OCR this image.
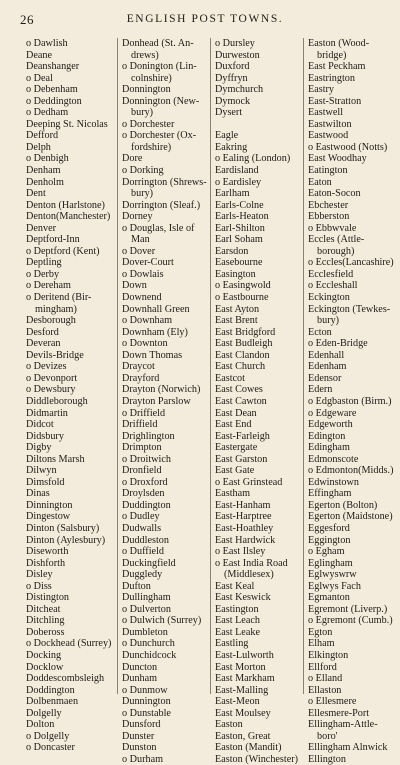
26	ENGLISH POST TOWNS.
o Dawlish
Deane
Deanshanger
o Deal
o Debenham
o Deddington
o Dedham
Deeping St. Nicolas
Defford
Delph
o Denbigh
Denham
Denholm
Dent
Denton (Harlstone)
Denton(Manchester)
Denver
Deptford-Inn
o Deptford (Kent)
Deptling
o Derby
o Dereham
o Deritend (Bir-
mingham)
Desborough
Desford
Deveran
Devils-Bridge
o Devizes
o Devonport
o Dewsbury
Diddleborough
Didmartin
Didcot
Didsbury
Digby
Diltons Marsh
Dilwyn
Dimsfold
Dinas
Dinnington
Dingestow
Dinton (Salsbury)
Dinton (Aylesbury)
Diseworth
Dishforth
Disley
o Diss
Distington
Ditcheat
Ditchling
Dobeross
o Dockhead (Surrey)
Docking
Docklow
Doddescombsleigh
Doddington
Dolbenmaen
Dolgelly
Dolton
o Dolgelly
o Doncaster
Donhead (St. An-
drews)
o Donington (Lin-
colnshire)
Donnington
Donnington (New-
bury)
o Dorchester
o Dorchester (Ox-
fordshire)
Dore
o Dorking
Dorrington (Shrews-
bury)
Dorrington (Sleaf.)
Dorney
o Douglas, Isle of
Man
o Dover
Dover-Court
o Dowlais
Down
Downend
Downhall Green
o Downham
Downham (Ely)
o Downton
Down Thomas
Draycot
Drayford
Drayton (Norwich)
Drayton Parslow
o Driffield
Driffield
Drighlington
Drimpton
o Droitwich
Dronfield
o Droxford
Droylsden
Duddington
o Dudley
Dudwalls
Duddleston
o Duffield
Duckingfield
Duggledy
Dufton
Dullingham
o Dulverton
o Dulwich (Surrey)
Dumbleton
o Dunchurch
Dunchidcock
Duncton
Dunham
o Dunmow
Dunnington
o Dunstable
Dunsford
Dunster
Dunston
o Durham
o Dursley
Durweston
Duxford
Dyffryn
Dymchurch
Dymock
Dysert

Eagle
Eakring
o Ealing (London)
Eardisland
o Eardisley
Earlham
Earls-Colne
Earls-Heaton
Earl-Shilton
Earl Soham
Earsdon
Easebourne
Easington
o Easingwold
o Eastbourne
East Ayton
East Brent
East Bridgford
East Budleigh
East Clandon
East Church
Eastcot
East Cowes
East Cawton
East Dean
East End
East-Farleigh
Eastergate
East Garston
East Gate
o East Grinstead
Eastham
East-Hanham
East-Harptree
East-Hoathley
East Hardwick
o East Ilsley
o East India Road
(Middlesex)
East Keal
East Keswick
Eastington
East Leach
East Leake
Eastling
East-Lulworth
East Morton
East Markham
East-Malling
East-Meon
East Moulsey
Easton
Easton, Great
Easton (Mandit)
Easton (Winchester)
Easton (Wood-
bridge)
East Peckham
Eastrington
Eastry
East-Stratton
Eastwell
Eastwilton
Eastwood
o Eastwood (Notts)
East Woodhay
Eatington
Eaton
Eaton-Socon
Ebchester
Ebberston
o Ebbwvale
Eccles (Attle-
borough)
o Eccles(Lancashire)
Ecclesfield
o Eccleshall
Eckington
Eckington (Tewkes-
bury)
Ecton
o Eden-Bridge
Edenhall
Edenham
Edensor
Edern
o Edgbaston (Birm.)
o Edgeware
Edgeworth
Edington
Edingham
Edmonscote
o Edmonton(Midds.)
Edwinstown
Effingham
Egerton (Bolton)
Egerton (Maidstone)
Eggesford
Eggington
o Egham
Eglingham
Eglwyswrw
Eglwys Fach
Egmanton
Egremont (Liverp.)
o Egremont (Cumb.)
Egton
Elham
Elkington
Ellford
o Elland
Ellaston
o Ellesmere
Ellesmere-Port
Ellingham-Attle-
boro'
Ellingham Alnwick
Ellington
